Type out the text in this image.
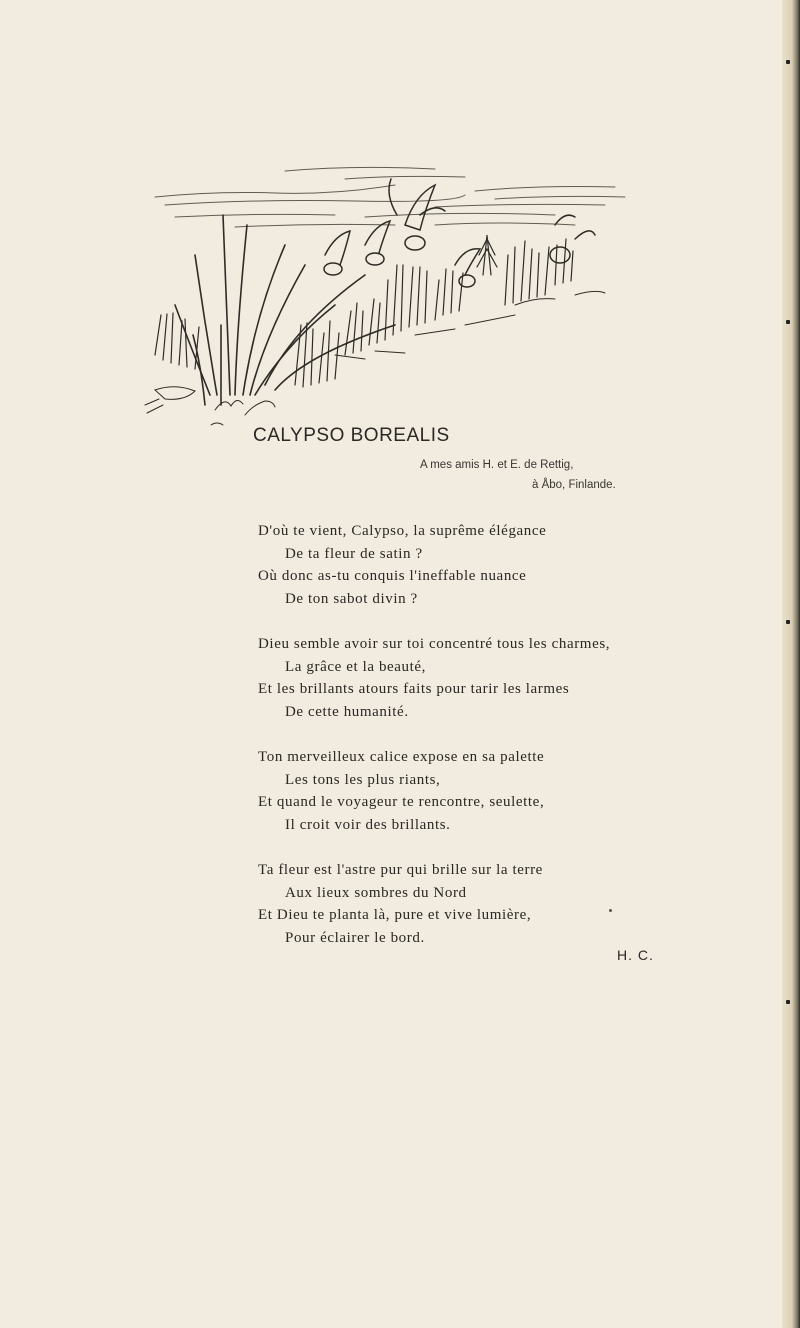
CALYPSO BOREALIS
A mes amis H. et E. de Rettig,
à Åbo, Finlande.
D'où te vient, Calypso, la suprême élégance
De ta fleur de satin ?
Où donc as-tu conquis l'ineffable nuance
De ton sabot divin ?
Dieu semble avoir sur toi concentré tous les charmes,
La grâce et la beauté,
Et les brillants atours faits pour tarir les larmes
De cette humanité.
Ton merveilleux calice expose en sa palette
Les tons les plus riants,
Et quand le voyageur te rencontre, seulette,
Il croit voir des brillants.
Ta fleur est l'astre pur qui brille sur la terre
Aux lieux sombres du Nord
Et Dieu te planta là, pure et vive lumière,
Pour éclairer le bord.
H. C.
